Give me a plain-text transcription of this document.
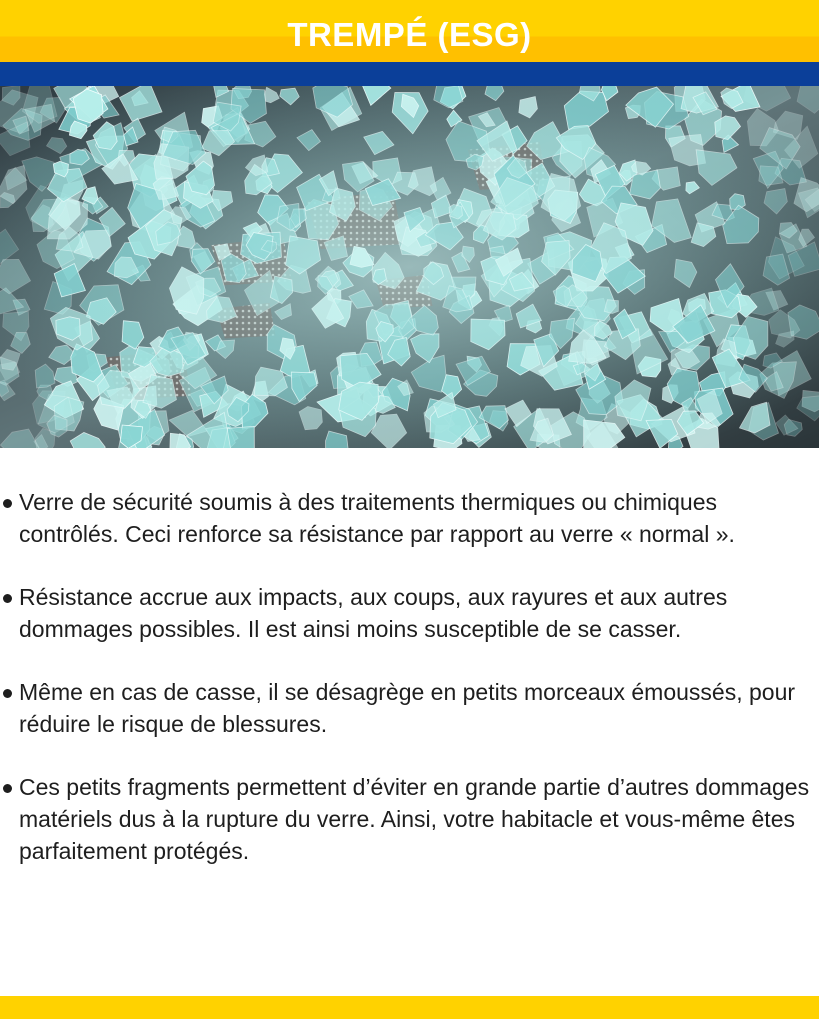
TREMPÉ (ESG)
Verre de sécurité soumis à des traitements thermiques ou chimiques contrôlés. Ceci renforce sa résistance par rapport au verre « normal ».
Résistance accrue aux impacts, aux coups, aux rayures et aux autres dommages possibles. Il est ainsi moins susceptible de se casser.
Même en cas de casse, il se désagrège en petits morceaux émoussés, pour réduire le risque de blessures.
Ces petits fragments permettent d’éviter en grande partie d’autres dommages matériels dus à la rupture du verre. Ainsi, votre habitacle et vous-même êtes parfaitement protégés.
